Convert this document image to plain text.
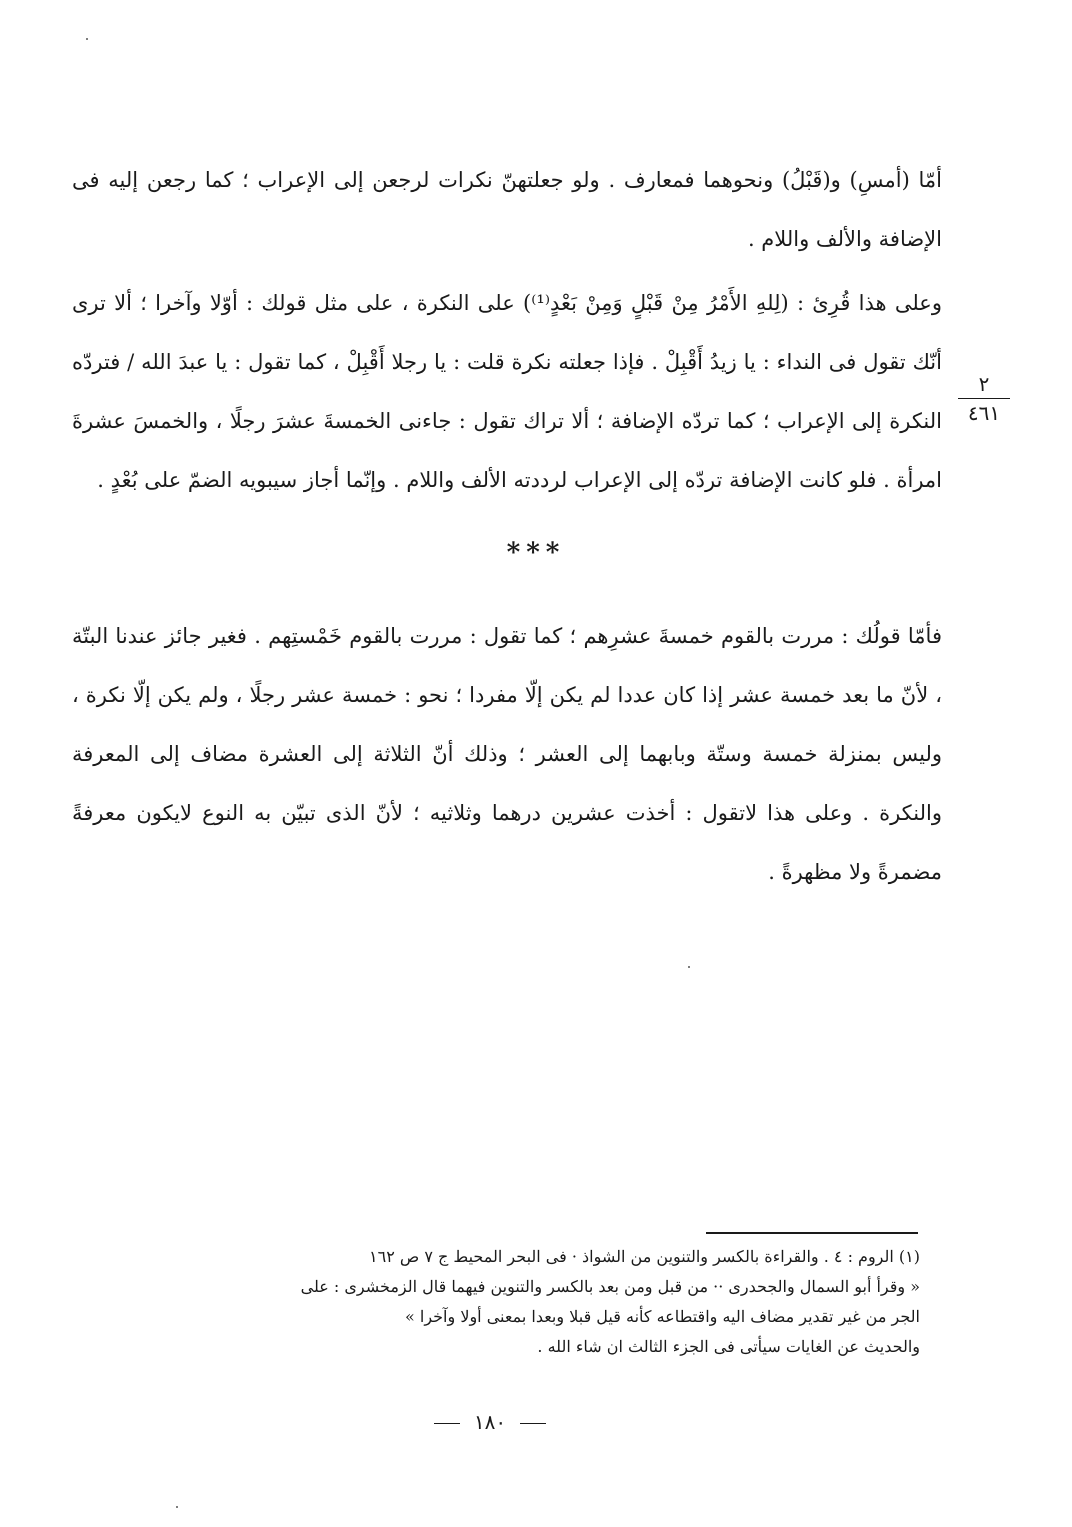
أمّا (أمسِ) و(قَبْلُ) ونحوهما فمعارف . ولو جعلتهنّ نكرات لرجعن إلى الإعراب ؛ كما رجعن إليه فى الإضافة والألف واللام .

وعلى هذا قُرِئ : (لِلهِ الأَمْرُ مِنْ قَبْلٍ وَمِنْ بَعْدٍ⁽¹⁾) على النكرة ، على مثل قولك : أوّلا وآخرا ؛ ألا ترى أنّك تقول فى النداء : يا زيدُ أَقْبِلْ . فإذا جعلته نكرة قلت : يا رجلا أَقْبِلْ ، كما تقول : يا عبدَ الله / فتردّه النكرة إلى الإعراب ؛ كما تردّه الإضافة ؛ ألا تراك تقول : جاءنى الخمسةَ عشرَ رجلًا ، والخمسَ عشرةَ امرأة . فلو كانت الإضافة تردّه إلى الإعراب لرددته الألف واللام . وإنّما أجاز سيبويه الضمّ على بُعْدٍ .

٢
٤٦١
***

فأمّا قولُك : مررت بالقوم خمسةَ عشرِهم ؛ كما تقول : مررت بالقوم خَمْستِهم . فغير جائز عندنا البتّة ، لأنّ ما بعد خمسة عشر إذا كان عددا لم يكن إلّا مفردا ؛ نحو : خمسة عشر رجلًا ، ولم يكن إلّا نكرة ، وليس بمنزلة خمسة وستّة وبابهما إلى العشر ؛ وذلك أنّ الثلاثة إلى العشرة مضاف إلى المعرفة والنكرة . وعلى هذا لاتقول : أخذت عشرين درهما وثلاثيه ؛ لأنّ الذى تبيّن به النوع لايكون معرفةً مضمرةً ولا مظهرةً .

(١) الروم : ٤ . والقراءة بالكسر والتنوين من الشواذ · فى البحر المحيط ج ٧ ص ١٦٢
« وقرأ أبو السمال والجحدرى ·· من قبل ومن بعد بالكسر والتنوين فيهما قال الزمخشرى : على
الجر من غير تقدير مضاف اليه واقتطاعه كأنه قيل قبلا وبعدا بمعنى أولا وآخرا »
والحديث عن الغايات سيأتى فى الجزء الثالث ان شاء الله .
١٨٠
